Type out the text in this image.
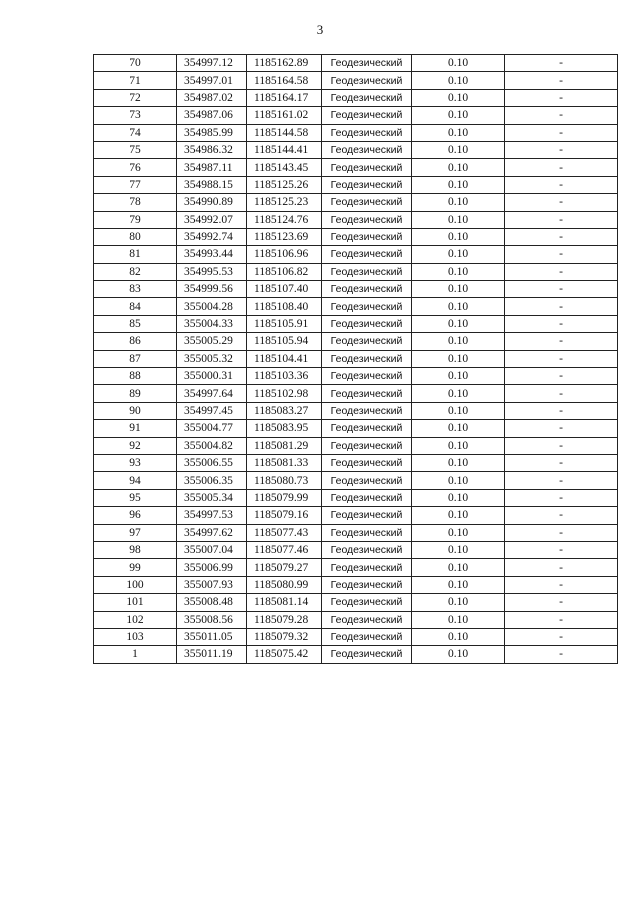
3
70	354997.12	1185162.89	Геодезический	0.10	-
71	354997.01	1185164.58	Геодезический	0.10	-
72	354987.02	1185164.17	Геодезический	0.10	-
73	354987.06	1185161.02	Геодезический	0.10	-
74	354985.99	1185144.58	Геодезический	0.10	-
75	354986.32	1185144.41	Геодезический	0.10	-
76	354987.11	1185143.45	Геодезический	0.10	-
77	354988.15	1185125.26	Геодезический	0.10	-
78	354990.89	1185125.23	Геодезический	0.10	-
79	354992.07	1185124.76	Геодезический	0.10	-
80	354992.74	1185123.69	Геодезический	0.10	-
81	354993.44	1185106.96	Геодезический	0.10	-
82	354995.53	1185106.82	Геодезический	0.10	-
83	354999.56	1185107.40	Геодезический	0.10	-
84	355004.28	1185108.40	Геодезический	0.10	-
85	355004.33	1185105.91	Геодезический	0.10	-
86	355005.29	1185105.94	Геодезический	0.10	-
87	355005.32	1185104.41	Геодезический	0.10	-
88	355000.31	1185103.36	Геодезический	0.10	-
89	354997.64	1185102.98	Геодезический	0.10	-
90	354997.45	1185083.27	Геодезический	0.10	-
91	355004.77	1185083.95	Геодезический	0.10	-
92	355004.82	1185081.29	Геодезический	0.10	-
93	355006.55	1185081.33	Геодезический	0.10	-
94	355006.35	1185080.73	Геодезический	0.10	-
95	355005.34	1185079.99	Геодезический	0.10	-
96	354997.53	1185079.16	Геодезический	0.10	-
97	354997.62	1185077.43	Геодезический	0.10	-
98	355007.04	1185077.46	Геодезический	0.10	-
99	355006.99	1185079.27	Геодезический	0.10	-
100	355007.93	1185080.99	Геодезический	0.10	-
101	355008.48	1185081.14	Геодезический	0.10	-
102	355008.56	1185079.28	Геодезический	0.10	-
103	355011.05	1185079.32	Геодезический	0.10	-
1	355011.19	1185075.42	Геодезический	0.10	-
